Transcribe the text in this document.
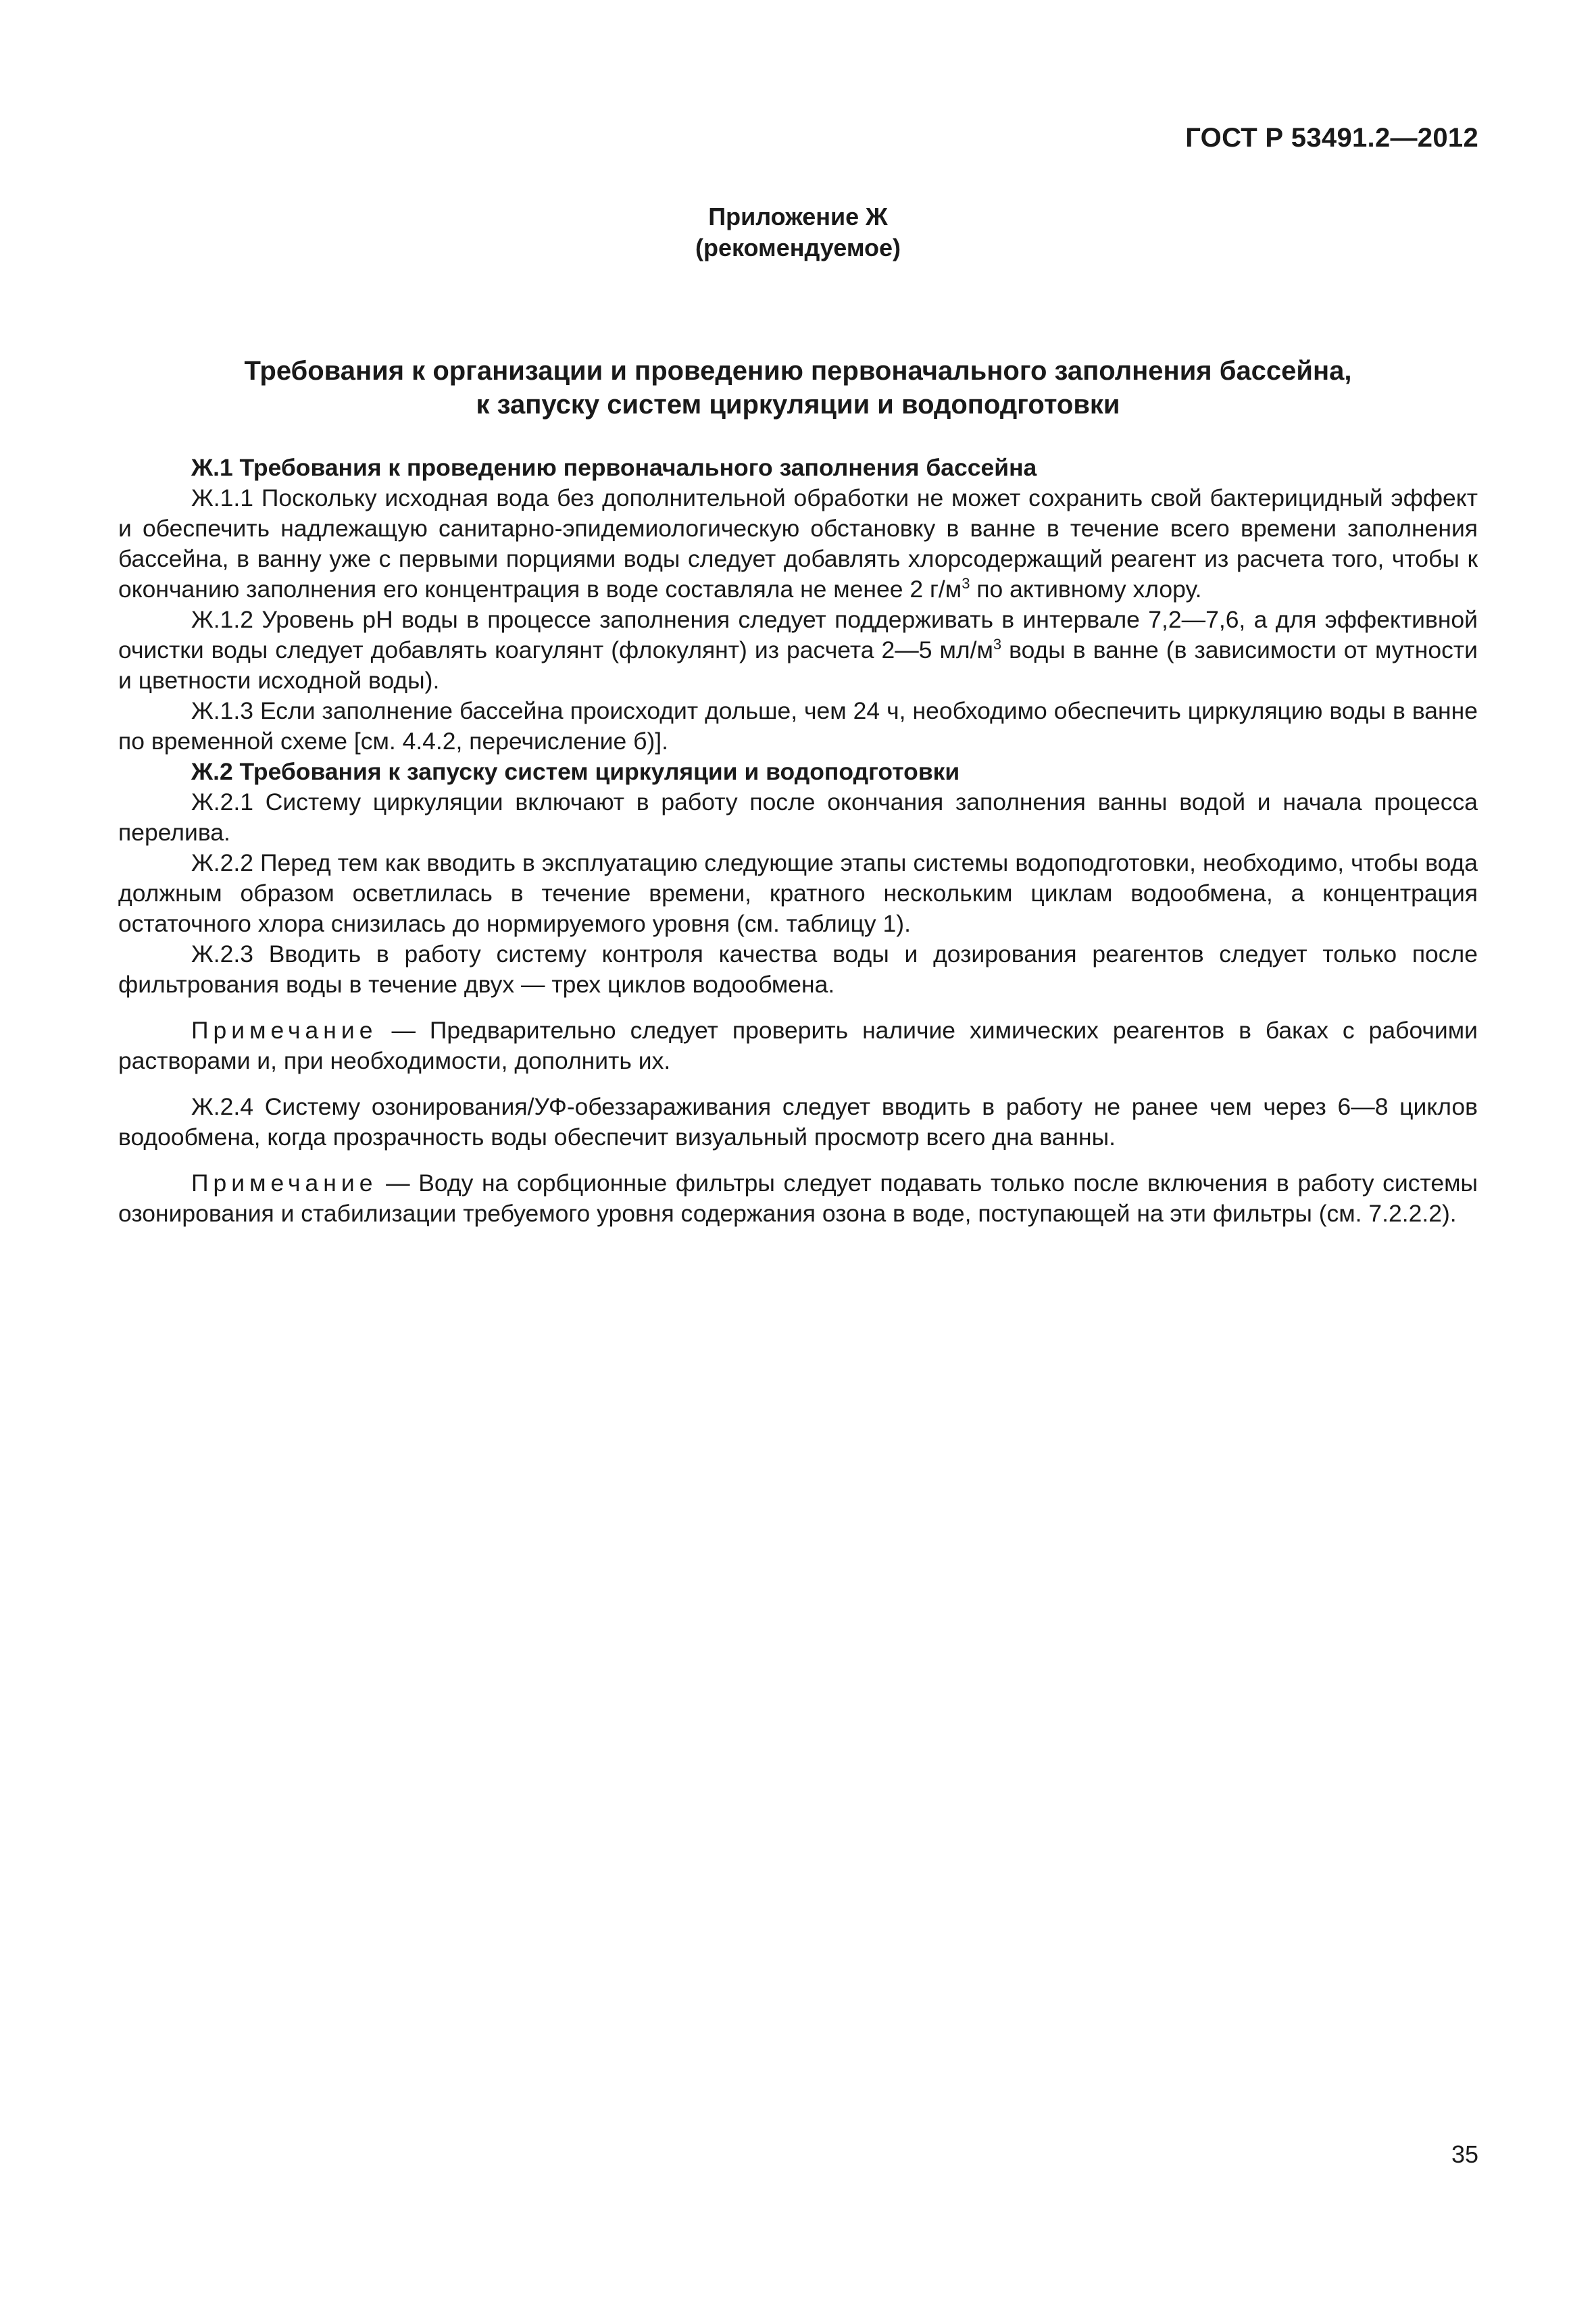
ГОСТ Р 53491.2—2012
Приложение Ж
(рекомендуемое)
Требования к организации и проведению первоначального заполнения бассейна,
к запуску систем циркуляции и водоподготовки

Ж.1 Требования к проведению первоначального заполнения бассейна

Ж.1.1 Поскольку исходная вода без дополнительной обработки не может сохранить свой бактерицидный эффект и обеспечить надлежащую санитарно-эпидемиологическую обстановку в ванне в течение всего времени заполнения бассейна, в ванну уже с первыми порциями воды следует добавлять хлорсодержащий реагент из расчета того, чтобы к окончанию заполнения его концентрация в воде составляла не менее 2 $г/м^3$ по активному хлору.

Ж.1.2 Уровень pH воды в процессе заполнения следует поддерживать в интервале 7,2—7,6, а для эффективной очистки воды следует добавлять коагулянт (флокулянт) из расчета 2—5 $мл/м^3$ воды в ванне (в зависимости от мутности и цветности исходной воды).

Ж.1.3 Если заполнение бассейна происходит дольше, чем 24 ч, необходимо обеспечить циркуляцию воды в ванне по временной схеме [см. 4.4.2, перечисление б)].

Ж.2 Требования к запуску систем циркуляции и водоподготовки

Ж.2.1 Систему циркуляции включают в работу после окончания заполнения ванны водой и начала процесса перелива.

Ж.2.2 Перед тем как вводить в эксплуатацию следующие этапы системы водоподготовки, необходимо, чтобы вода должным образом осветлилась в течение времени, кратного нескольким циклам водообмена, а концентрация остаточного хлора снизилась до нормируемого уровня (см. таблицу 1).

Ж.2.3 Вводить в работу систему контроля качества воды и дозирования реагентов следует только после фильтрования воды в течение двух — трех циклов водообмена.

Примечание — Предварительно следует проверить наличие химических реагентов в баках с рабочими растворами и, при необходимости, дополнить их.

Ж.2.4 Систему озонирования/УФ-обеззараживания следует вводить в работу не ранее чем через 6—8 циклов водообмена, когда прозрачность воды обеспечит визуальный просмотр всего дна ванны.

Примечание — Воду на сорбционные фильтры следует подавать только после включения в работу системы озонирования и стабилизации требуемого уровня содержания озона в воде, поступающей на эти фильтры (см. 7.2.2.2).

35
